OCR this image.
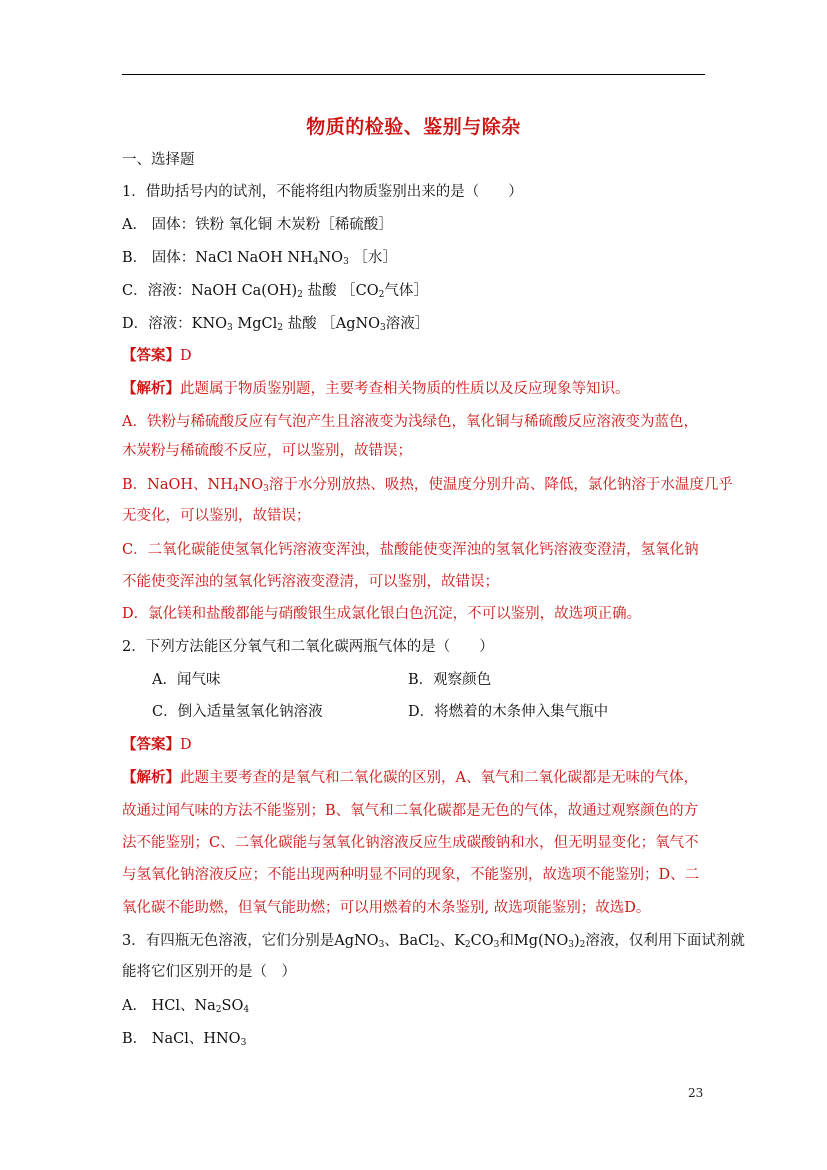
物质的检验、鉴别与除杂
一、选择题
1．借助括号内的试剂，不能将组内物质鉴别出来的是（　　）
A． 固体：铁粉 氧化铜 木炭粉［稀硫酸］
B． 固体：NaCl NaOH $NH_4NO_3$ ［水］
C．溶液：NaOH $Ca(OH)_2$ 盐酸 $[CO_2$气体］
D．溶液：$KNO_3$ MgCl$_2$ 盐酸 ［AgNO$_3$溶液］
【答案】D
【解析】此题属于物质鉴别题，主要考查相关物质的性质以及反应现象等知识。
A．铁粉与稀硫酸反应有气泡产生且溶液变为浅绿色，氧化铜与稀硫酸反应溶液变为蓝色，
木炭粉与稀硫酸不反应，可以鉴别，故错误；
B．NaOH、$NH_4NO_3$溶于水分别放热、吸热，使温度分别升高、降低，氯化钠溶于水温度几乎
无变化，可以鉴别，故错误；
C．二氧化碳能使氢氧化钙溶液变浑浊，盐酸能使变浑浊的氢氧化钙溶液变澄清，氢氧化钠
不能使变浑浊的氢氧化钙溶液变澄清，可以鉴别，故错误；
D．氯化镁和盐酸都能与硝酸银生成氯化银白色沉淀，不可以鉴别，故选项正确。
2．下列方法能区分氧气和二氧化碳两瓶气体的是（　　）
A．闻气味	B．观察颜色
C．倒入适量氢氧化钠溶液	D．将燃着的木条伸入集气瓶中
【答案】D
【解析】此题主要考查的是氧气和二氧化碳的区别，A、氧气和二氧化碳都是无味的气体，
故通过闻气味的方法不能鉴别；B、氧气和二氧化碳都是无色的气体，故通过观察颜色的方
法不能鉴别；C、二氧化碳能与氢氧化钠溶液反应生成碳酸钠和水，但无明显变化；氧气不
与氢氧化钠溶液反应；不能出现两种明显不同的现象，不能鉴别，故选项不能鉴别；D、二
氧化碳不能助燃，但氧气能助燃；可以用燃着的木条鉴别, 故选项能鉴别；故选D。
3．有四瓶无色溶液，它们分别是AgNO$_3$、BaCl$_2$、$K_2CO_3$和$Mg(NO_3)_2$溶液，仅利用下面试剂就
能将它们区别开的是（　）
A． HCl、$Na_2SO_4$
B． NaCl、$HNO_3$
23
